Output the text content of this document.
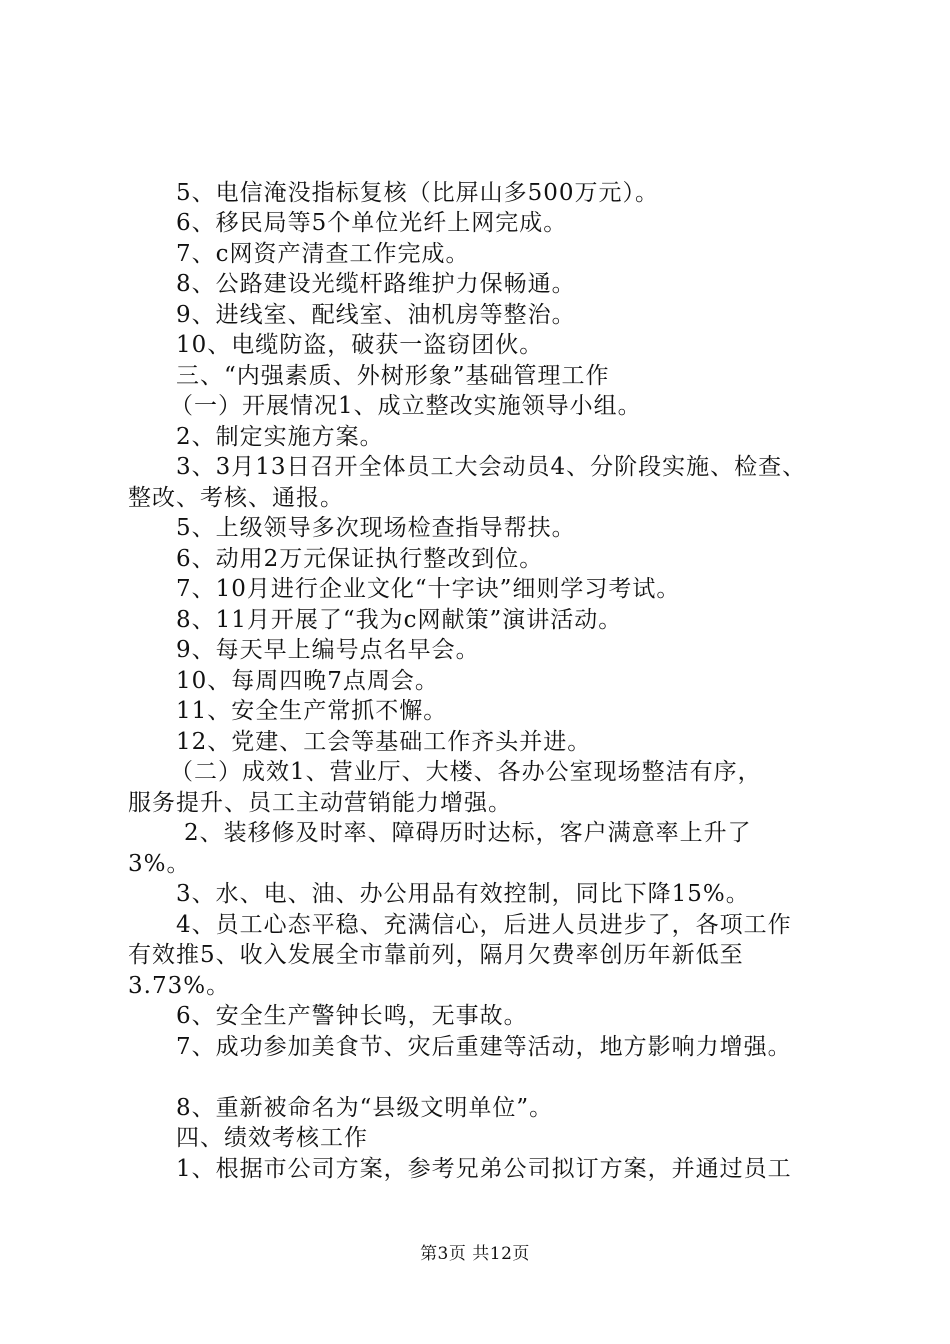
5、电信淹没指标复核（比屏山多500万元）。
6、移民局等5个单位光纤上网完成。
7、c网资产清查工作完成。
8、公路建设光缆杆路维护力保畅通。
9、进线室、配线室、油机房等整治。
10、电缆防盗，破获一盗窃团伙。
三、“内强素质、外树形象”基础管理工作
（一）开展情况1、成立整改实施领导小组。
2、制定实施方案。
3、3月13日召开全体员工大会动员4、分阶段实施、检查、
整改、考核、通报。
5、上级领导多次现场检查指导帮扶。
6、动用2万元保证执行整改到位。
7、10月进行企业文化“十字诀”细则学习考试。
8、11月开展了“我为c网献策”演讲活动。
9、每天早上编号点名早会。
10、每周四晚7点周会。
11、安全生产常抓不懈。
12、党建、工会等基础工作齐头并进。
（二）成效1、营业厅、大楼、各办公室现场整洁有序，
服务提升、员工主动营销能力增强。
2、装移修及时率、障碍历时达标，客户满意率上升了
3%。
3、水、电、油、办公用品有效控制，同比下降15%。
4、员工心态平稳、充满信心，后进人员进步了，各项工作
有效推5、收入发展全市靠前列，隔月欠费率创历年新低至
3.73%。
6、安全生产警钟长鸣，无事故。
7、成功参加美食节、灾后重建等活动，地方影响力增强。
8、重新被命名为“县级文明单位”。
四、绩效考核工作
1、根据市公司方案，参考兄弟公司拟订方案，并通过员工
第3页 共12页
